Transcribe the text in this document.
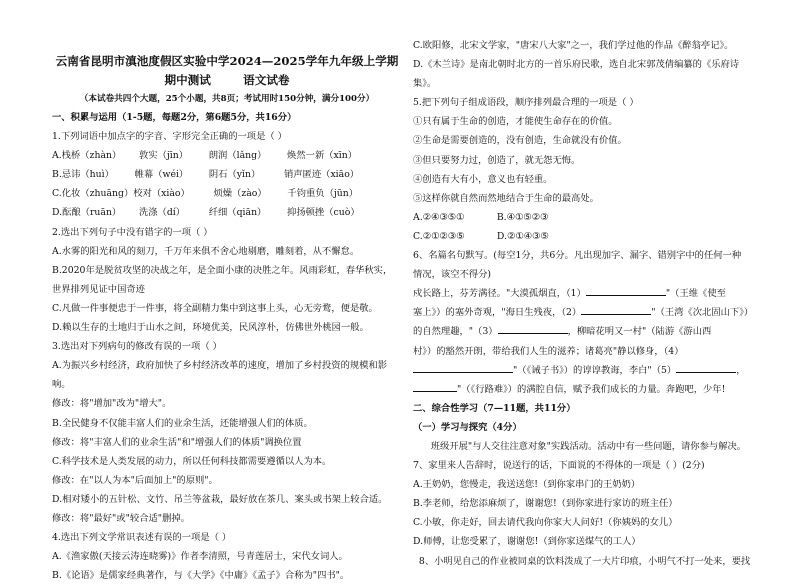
云南省昆明市滇池度假区实验中学2024—2025学年九年级上学期
期中测试        语文试卷
（本试卷共四个大题，25个小题，共8页；考试用时150分钟，满分100分）
一、积累与运用（1-5题，每题2分，第6题5分，共16分）
1.下列词语中加点字的字音、字形完全正确的一项是（ ）
A.栈桥（zhàn）      敦实（jīn）       朗润（lǎng）       焕然一新（xīn）
B.忌讳（huì）       帷幕（wéi）       阴石（yǐn）        销声匿迹（xiāo）
C.化妆（zhuāng）校对（xiào）        烦燥（zào）       千钧重负（jūn）
D.酝酿（ruān）      洗涤（dí）        纤细（qiān）       抑扬顿挫（cuò）
2.选出下列句子中没有错字的一项（ ）
A.水雾的阳光和风的刻刀，千万年来俱不舍心地剔磨，雕刻着，从不懈怠。
B.2020年是脱贫攻坚的决战之年，是全面小康的决胜之年。风雨彩虹，春华秋实，
世界排列见证中国奇迹
C.凡做一件事便忠于一件事，将全副精力集中到这事上头，心无旁鹜，便是敬。
D.赖以生存的土地归于山水之间，环境优美，民风淳朴，仿佛世外桃园一般。
3.选出对下列病句的修改有误的一项（ ）
A.为振兴乡村经济，政府加快了乡村经济改革的速度，增加了乡村投资的规模和影
响。
修改：将"增加"改为"增大"。
B.全民健身不仅能丰富人们的业余生活，还能增强人们的体质。
修改：将"丰富人们的业余生活"和"增强人们的体质"调换位置
C.科学技术是人类发展的动力，所以任何科技都需要遵循以人为本。
修改：在"以人为本"后面加上"的原则"。
D.相对矮小的五针松、文竹、吊兰等盆栽，最好放在茶几、案头或书架上较合适。
修改：将"最好"或"较合适"删掉。
4.选出下列文学常识表述有误的一项是（ ）
A.《渔家傲(天接云涛连晓雾)》作者李清照，号青莲居士，宋代女词人。
B.《论语》是儒家经典著作，与《大学》《中庸》《孟子》合称为"四书"。
C.欧阳修，北宋文学家，"唐宋八大家"之一，我们学过他的作品《醉翁亭记》。
D.《木兰诗》是南北朝时北方的一首乐府民歌，选自北宋郭茂倩编纂的《乐府诗
集》。
5.把下列句子组成语段，顺序排列最合理的一项是（ ）
①只有属于生命的创造，才能使生命存在的价值。
②生命是需要创造的，没有创造，生命就没有价值。
③但只要努力过，创造了，就无怨无悔。
④创造有大有小，意义也有轻重。
⑤这样你就自然而然地结合于生命的最高处。
A.②④③⑤①           B.④①⑤②③
C.②①②③⑤           D.②①④③⑤
6、名篇名句默写。(每空1分，共6分。凡出现加字、漏字、错别字中的任何一种
情况，该空不得分)
戍长路上，芬芳满径。"大漠孤烟直，（1）	"（王维《使至
塞上》）的塞外奇观，"海日生残夜，（2）	"（王湾《次北固山下》）
的自然理趣，"（3）	，柳暗花明又一村"（陆游《游山西
村》）的豁然开朗，带给我们人生的滋养；诸葛亮"静以修身，（4）
"（《诫子书》）的谆谆教诲，李白"（5）	，
"（《行路难》）的满腔自信，赋予我们成长的力量。奔跑吧，少年!
二、综合性学习（7—11题，共11分）
（一）学习与探究（4分）
班级开展"与人交往注意对象"实践活动。活动中有一些问题，请你参与解决。
7、家里来人告辞时，说送行的话，下面说的不得体的一项是（ ）(2分)
A.王奶奶，您慢走，我送送您!（到你家串门的王奶奶）
B.李老师，给您添麻烦了，谢谢您!（到你家进行家访的班主任）
C.小敏，你走好，回去请代我向你家大人问好!（你姨妈的女儿）
D.师傅，让您受累了，谢谢您!（到你家送煤气的工人）
8、小明见自己的作业被同桌的饮料泼成了一大片印痕，小明气不打一处来，要找
